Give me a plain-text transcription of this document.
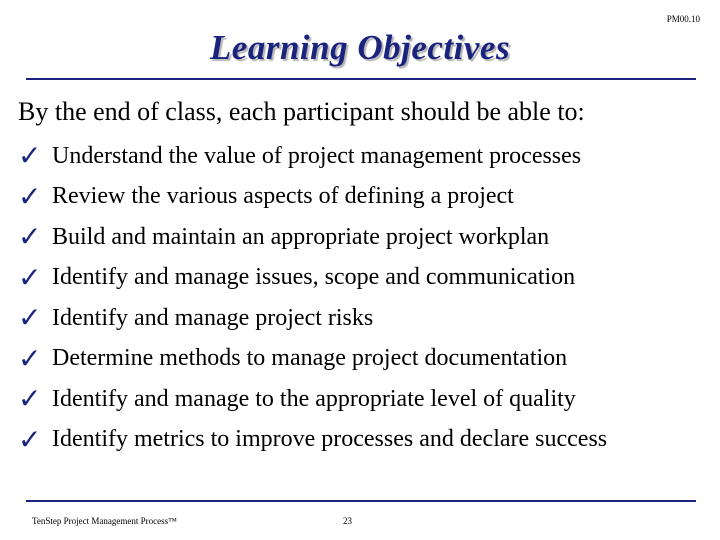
PM00.10
Learning Objectives
By the end of class, each participant should be able to:
✓ Understand the value of project management processes
✓ Review the various aspects of defining a project
✓ Build and maintain an appropriate project workplan
✓ Identify and manage issues, scope and communication
✓ Identify and manage project risks
✓ Determine methods to manage project documentation
✓ Identify and manage to the appropriate level of quality
✓ Identify metrics to improve processes and declare success
TenStep Project Management Process™	23
